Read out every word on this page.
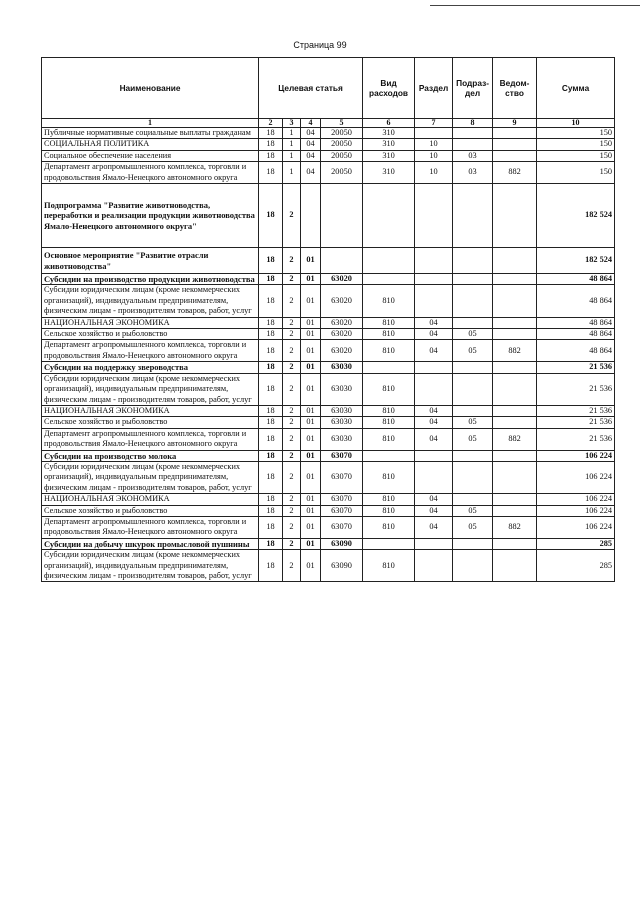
Страница 99
Наименование	Целевая статья				Вид расходов	Раздел	Подраз-дел	Ведом-ство	Сумма
1	2	3	4	5	6	7	8	9	10
Публичные нормативные социальные выплаты гражданам	18	1	04	20050	310				150
СОЦИАЛЬНАЯ ПОЛИТИКА	18	1	04	20050	310	10			150
Социальное обеспечение населения	18	1	04	20050	310	10	03		150
Департамент агропромышленного комплекса, торговли и продовольствия Ямало-Ненецкого автономного округа	18	1	04	20050	310	10	03	882	150
Подпрограмма "Развитие животноводства, переработки и реализации продукции животноводства Ямало-Ненецкого автономного округа"	18	2							182 524
Основное мероприятие "Развитие отрасли животноводства"	18	2	01						182 524
Субсидии на производство продукции животноводства	18	2	01	63020					48 864
Субсидии юридическим лицам (кроме некоммерческих организаций), индивидуальным предпринимателям, физическим лицам - производителям товаров, работ, услуг	18	2	01	63020	810				48 864
НАЦИОНАЛЬНАЯ ЭКОНОМИКА	18	2	01	63020	810	04			48 864
Сельское хозяйство и рыболовство	18	2	01	63020	810	04	05		48 864
Департамент агропромышленного комплекса, торговли и продовольствия Ямало-Ненецкого автономного округа	18	2	01	63020	810	04	05	882	48 864
Субсидии на поддержку звероводства	18	2	01	63030					21 536
Субсидии юридическим лицам (кроме некоммерческих организаций), индивидуальным предпринимателям, физическим лицам - производителям товаров, работ, услуг	18	2	01	63030	810				21 536
НАЦИОНАЛЬНАЯ ЭКОНОМИКА	18	2	01	63030	810	04			21 536
Сельское хозяйство и рыболовство	18	2	01	63030	810	04	05		21 536
Департамент агропромышленного комплекса, торговли и продовольствия Ямало-Ненецкого автономного округа	18	2	01	63030	810	04	05	882	21 536
Субсидии на производство молока	18	2	01	63070					106 224
Субсидии юридическим лицам (кроме некоммерческих организаций), индивидуальным предпринимателям, физическим лицам - производителям товаров, работ, услуг	18	2	01	63070	810				106 224
НАЦИОНАЛЬНАЯ ЭКОНОМИКА	18	2	01	63070	810	04			106 224
Сельское хозяйство и рыболовство	18	2	01	63070	810	04	05		106 224
Департамент агропромышленного комплекса, торговли и продовольствия Ямало-Ненецкого автономного округа	18	2	01	63070	810	04	05	882	106 224
Субсидии на добычу шкурок промысловой пушнины	18	2	01	63090					285
Субсидии юридическим лицам (кроме некоммерческих организаций), индивидуальным предпринимателям, физическим лицам - производителям товаров, работ, услуг	18	2	01	63090	810				285
